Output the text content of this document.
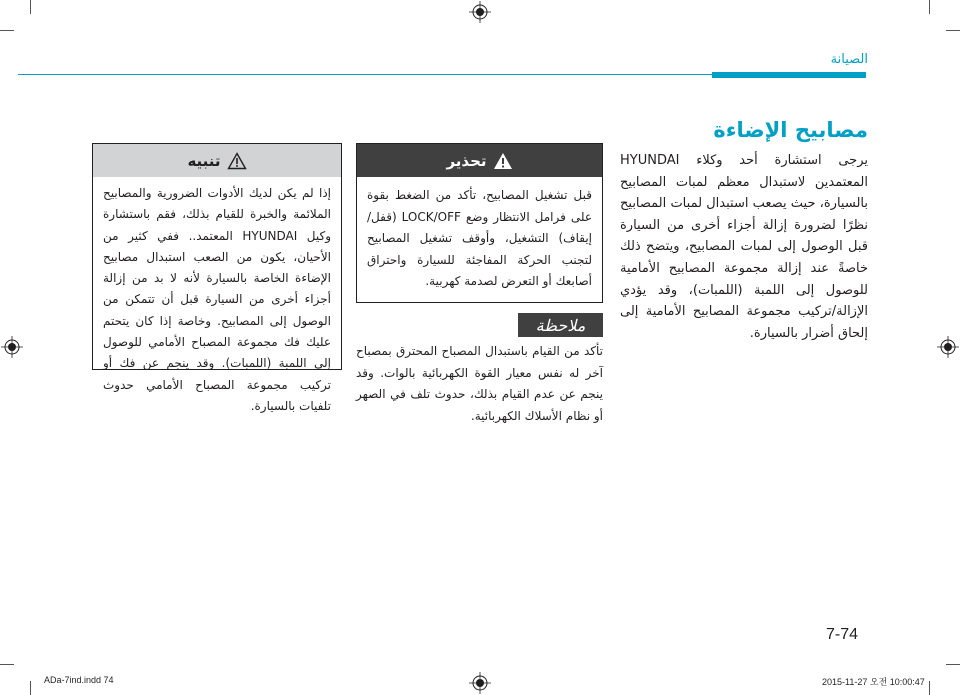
الصيانة
مصابيح الإضاءة
يرجى استشارة أحد وكلاء HYUNDAI المعتمدين لاستبدال معظم لمبات المصابيح بالسيارة، حيث يصعب استبدال لمبات المصابيح نظرًا لضرورة إزالة أجزاء أخرى من السيارة قبل الوصول إلى لمبات المصابيح، ويتضح ذلك خاصةً عند إزالة مجموعة المصابيح الأمامية للوصول إلى اللمبة (اللمبات)، وقد يؤدي الإزالة/تركيب مجموعة المصابيح الأمامية إلى إلحاق أضرار بالسيارة.
تحذير
قبل تشغيل المصابيح، تأكد من الضغط بقوة على فرامل الانتظار وضع LOCK/OFF (قفل/إيقاف) التشغيل، وأوقف تشغيل المصابيح لتجنب الحركة المفاجئة للسيارة واحتراق أصابعك أو التعرض لصدمة كهربية.
ملاحظة
تأكد من القيام باستبدال المصباح المحترق بمصباح آخر له نفس معيار القوة الكهربائية بالوات. وقد ينجم عن عدم القيام بذلك، حدوث تلف في الصهر أو نظام الأسلاك الكهربائية.
تنبيه
إذا لم يكن لديك الأدوات الضرورية والمصابيح الملائمة والخبرة للقيام بذلك، فقم باستشارة وكيل HYUNDAI المعتمد.. ففي كثير من الأحيان، يكون من الصعب استبدال مصابيح الإضاءة الخاصة بالسيارة لأنه لا بد من إزالة أجزاء أخرى من السيارة قبل أن تتمكن من الوصول إلى المصابيح. وخاصة إذا كان يتحتم عليك فك مجموعة المصباح الأمامي للوصول إلى اللمبة (اللمبات). وقد ينجم عن فك أو تركيب مجموعة المصباح الأمامي حدوث تلفيات بالسيارة.
7-74
ADa-7ind.indd 74	2015-11-27 오전 10:00:47
